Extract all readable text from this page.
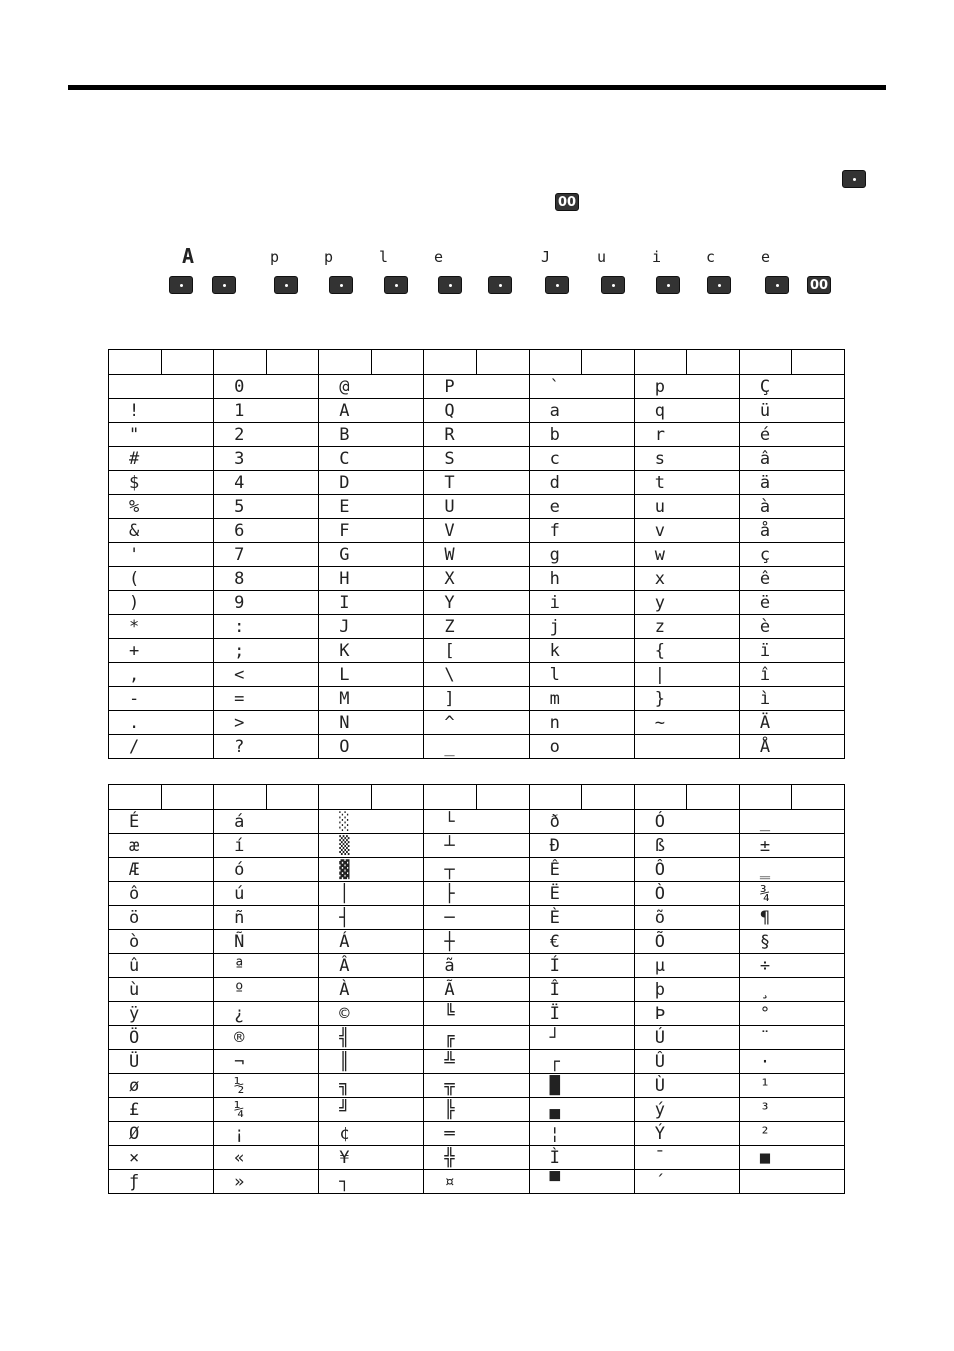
00
A	p	p	l	e	J	u	i	c	e
00

	0	@	P	`	p	Ç
!	1	A	Q	a	q	ü
"	2	B	R	b	r	é
#	3	C	S	c	s	â
$	4	D	T	d	t	ä
%	5	E	U	e	u	à
&	6	F	V	f	v	å
'	7	G	W	g	w	ç
(	8	H	X	h	x	ê
)	9	I	Y	i	y	ë
*	:	J	Z	j	z	è
+	;	K	[	k	{	ï
,	<	L	\	l	|	î
-	=	M	]	m	}	ì
.	>	N	^	n	~	Ä
/	?	O	_	o		Å

É	á	░	└	ð	Ó	_
æ	í	▒	┴	Ð	ß	±
Æ	ó	▓	┬	Ê	Ô	‗
ô	ú	│	├	Ë	Ò	¾
ö	ñ	┤	─	È	õ	¶
ò	Ñ	Á	┼	€	Õ	§
û	ª	Â	ã	Í	µ	÷
ù	º	À	Ã	Î	þ	¸
ÿ	¿	©	╚	Ï	Þ	°
Ö	®	╣	╔	┘	Ú	¨
Ü	¬	║	╩	┌	Û	·
ø	½	╗	╦	█	Ù	¹
£	¼	╝	╠	▄	ý	³
Ø	¡	¢	═	¦	Ý	²
×	«	¥	╬	Ì	¯	■
ƒ	»	┐	¤	▀	´	
